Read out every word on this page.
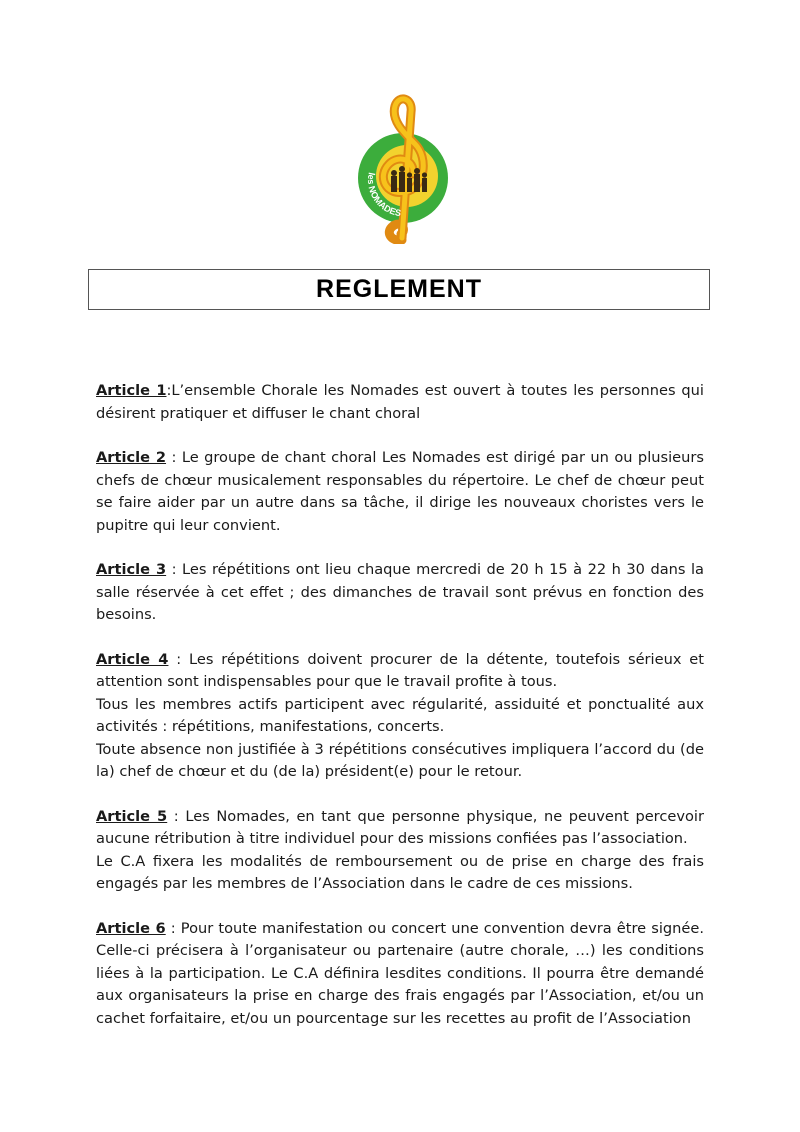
les NOMADES
REGLEMENT

Article 1:L’ensemble Chorale les Nomades est ouvert à toutes les personnes qui désirent pratiquer et diffuser le chant choral

Article 2 : Le groupe de chant choral Les Nomades est dirigé par un ou plusieurs chefs de chœur musicalement responsables du répertoire. Le chef de chœur peut se faire aider par un autre dans sa tâche, il dirige les nouveaux choristes vers le pupitre qui leur convient.

Article 3 : Les répétitions ont lieu chaque mercredi de 20 h 15 à 22 h 30 dans la salle réservée à cet effet ; des dimanches de travail sont prévus en fonction des besoins.

Article 4 : Les répétitions doivent procurer de la détente, toutefois sérieux et attention sont indispensables pour que le travail profite à tous.

Tous les membres actifs participent avec régularité, assiduité et ponctualité aux activités : répétitions, manifestations, concerts.

Toute absence non justifiée à 3 répétitions consécutives impliquera l’accord du (de la) chef de chœur et du (de la) président(e) pour le retour.

Article 5 : Les Nomades, en tant que personne physique, ne peuvent percevoir aucune rétribution à titre individuel pour des missions confiées pas l’association.

Le C.A fixera les modalités de remboursement ou de prise en charge des frais engagés par les membres de l’Association dans le cadre de ces missions.

Article 6 : Pour toute manifestation ou concert une convention devra être signée. Celle-ci précisera à l’organisateur ou partenaire (autre chorale, …) les conditions liées à la participation. Le C.A définira lesdites conditions. Il pourra être demandé aux organisateurs la prise en charge des frais engagés par l’Association, et/ou un cachet forfaitaire, et/ou un pourcentage sur les recettes au profit de l’Association
